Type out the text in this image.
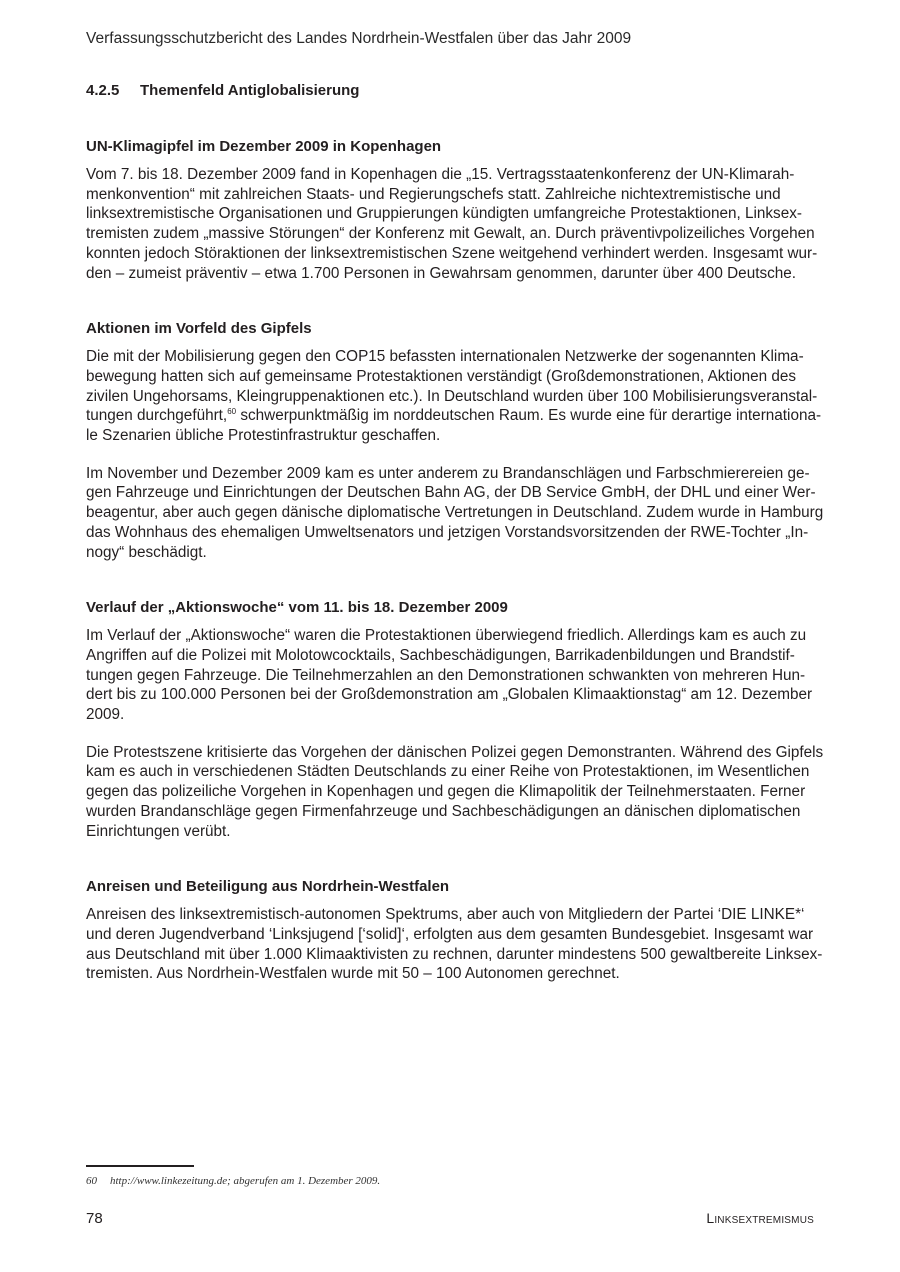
Verfassungsschutzbericht des Landes Nordrhein-Westfalen über das Jahr 2009
4.2.5 Themenfeld Antiglobalisierung
UN-Klimagipfel im Dezember 2009 in Kopenhagen

Vom 7. bis 18. Dezember 2009 fand in Kopenhagen die „15. Vertragsstaatenkonferenz der UN-Klimarah-
menkonvention“ mit zahlreichen Staats- und Regierungschefs statt. Zahlreiche nichtextremistische und
linksextremistische Organisationen und Gruppierungen kündigten umfangreiche Protestaktionen, Linksex-
tremisten zudem „massive Störungen“ der Konferenz mit Gewalt, an. Durch präventivpolizeiliches Vorgehen
konnten jedoch Störaktionen der linksextremistischen Szene weitgehend verhindert werden. Insgesamt wur-
den – zumeist präventiv – etwa 1.700 Personen in Gewahrsam genommen, darunter über 400 Deutsche.

Aktionen im Vorfeld des Gipfels

Die mit der Mobilisierung gegen den COP15 befassten internationalen Netzwerke der sogenannten Klima-
bewegung hatten sich auf gemeinsame Protestaktionen verständigt (Großdemonstrationen, Aktionen des
zivilen Ungehorsams, Kleingruppenaktionen etc.). In Deutschland wurden über 100 Mobilisierungsveranstal-
tungen durchgeführt,$^{60}$ schwerpunktmäßig im norddeutschen Raum. Es wurde eine für derartige internationa-
le Szenarien übliche Protestinfrastruktur geschaffen.

Im November und Dezember 2009 kam es unter anderem zu Brandanschlägen und Farbschmierereien ge-
gen Fahrzeuge und Einrichtungen der Deutschen Bahn AG, der DB Service GmbH, der DHL und einer Wer-
beagentur, aber auch gegen dänische diplomatische Vertretungen in Deutschland. Zudem wurde in Hamburg
das Wohnhaus des ehemaligen Umweltsenators und jetzigen Vorstandsvorsitzenden der RWE-Tochter „In-
nogy“ beschädigt.

Verlauf der „Aktionswoche“ vom 11. bis 18. Dezember 2009

Im Verlauf der „Aktionswoche“ waren die Protestaktionen überwiegend friedlich. Allerdings kam es auch zu
Angriffen auf die Polizei mit Molotowcocktails, Sachbeschädigungen, Barrikadenbildungen und Brandstif-
tungen gegen Fahrzeuge. Die Teilnehmerzahlen an den Demonstrationen schwankten von mehreren Hun-
dert bis zu 100.000 Personen bei der Großdemonstration am „Globalen Klimaaktionstag“ am 12. Dezember
2009.

Die Protestszene kritisierte das Vorgehen der dänischen Polizei gegen Demonstranten. Während des Gipfels
kam es auch in verschiedenen Städten Deutschlands zu einer Reihe von Protestaktionen, im Wesentlichen
gegen das polizeiliche Vorgehen in Kopenhagen und gegen die Klimapolitik der Teilnehmerstaaten. Ferner
wurden Brandanschläge gegen Firmenfahrzeuge und Sachbeschädigungen an dänischen diplomatischen
Einrichtungen verübt.

Anreisen und Beteiligung aus Nordrhein-Westfalen

Anreisen des linksextremistisch-autonomen Spektrums, aber auch von Mitgliedern der Partei ‘DIE LINKE*‘
und deren Jugendverband ‘Linksjugend [‘solid]‘, erfolgten aus dem gesamten Bundesgebiet. Insgesamt war
aus Deutschland mit über 1.000 Klimaaktivisten zu rechnen, darunter mindestens 500 gewaltbereite Linksex-
tremisten. Aus Nordrhein-Westfalen wurde mit 50 – 100 Autonomen gerechnet.

60 http://www.linkezeitung.de; abgerufen am 1. Dezember 2009.
78	Linksextremismus
